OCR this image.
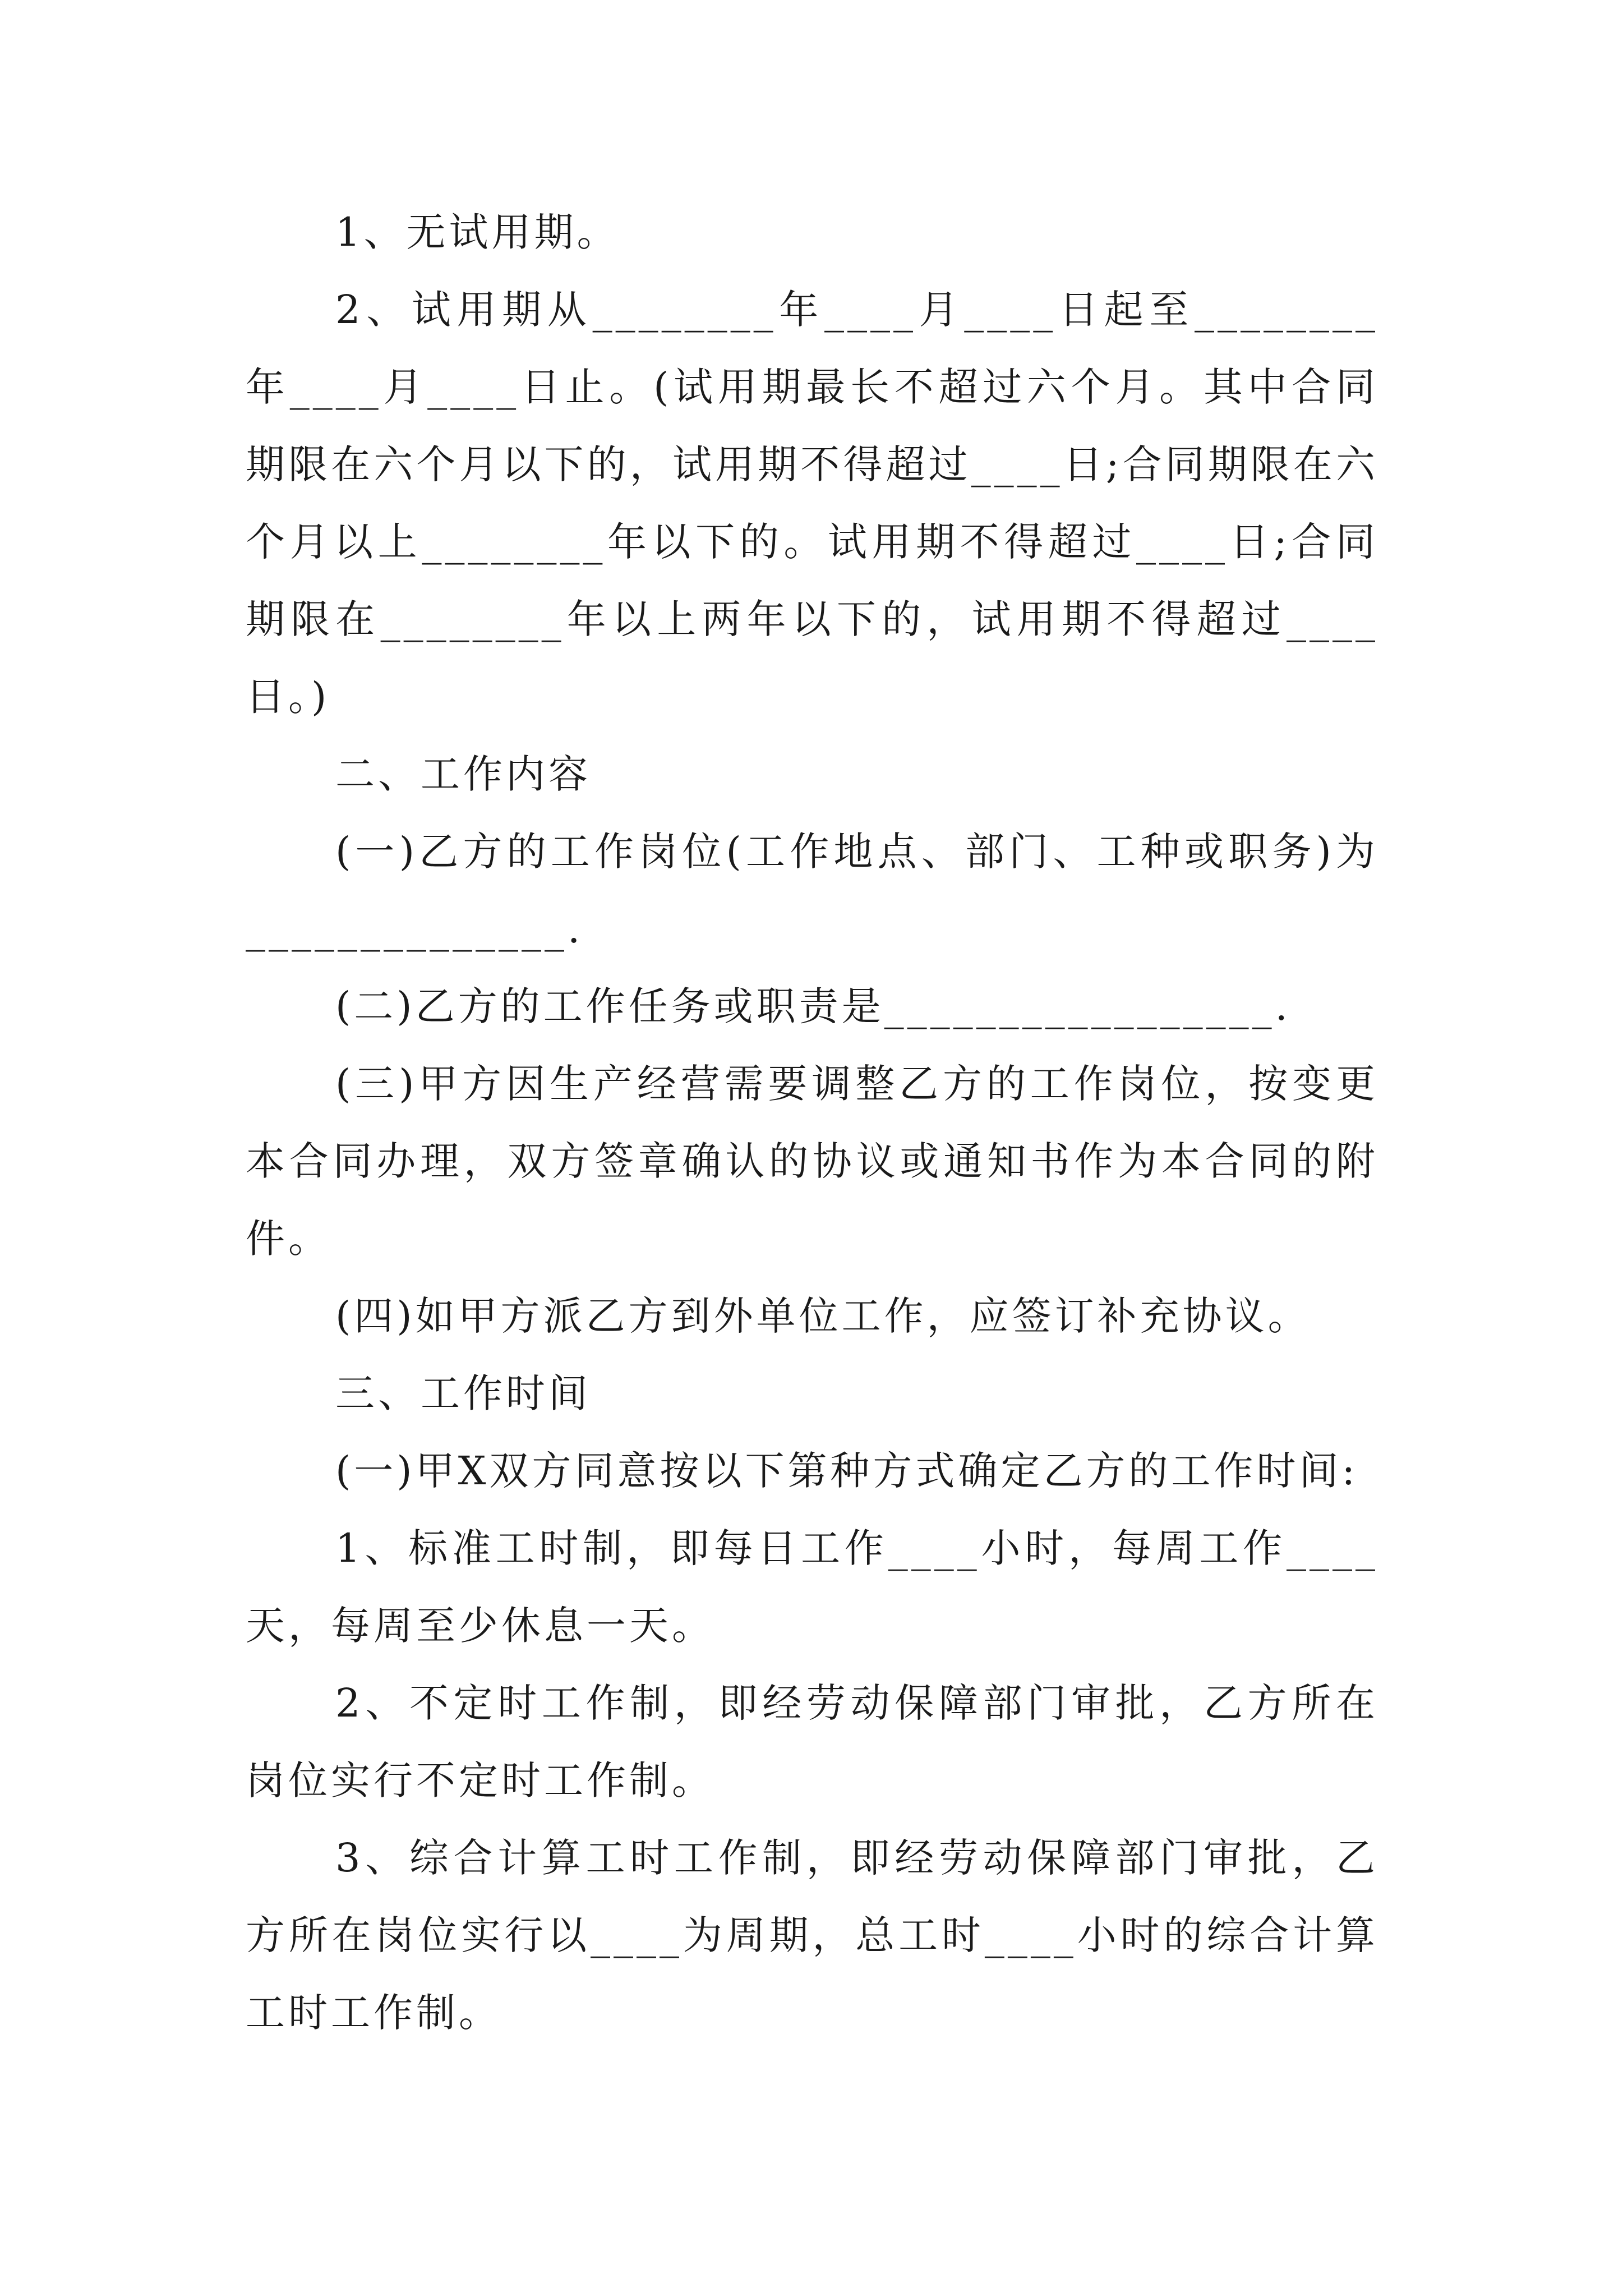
1、无试用期。

2、试用期从________年____月____日起至________年____月____日止。(试用期最长不超过六个月。其中合同期限在六个月以下的，试用期不得超过____日;合同期限在六个月以上________年以下的。试用期不得超过____日;合同期限在________年以上两年以下的，试用期不得超过____日。)

二、工作内容

(一)乙方的工作岗位(工作地点、部门、工种或职务)为______________.

(二)乙方的工作任务或职责是_________________.

(三)甲方因生产经营需要调整乙方的工作岗位，按变更本合同办理，双方签章确认的协议或通知书作为本合同的附件。

(四)如甲方派乙方到外单位工作，应签订补充协议。

三、工作时间

(一)甲X双方同意按以下第种方式确定乙方的工作时间:

1、标准工时制，即每日工作____小时，每周工作____天，每周至少休息一天。

2、不定时工作制，即经劳动保障部门审批，乙方所在岗位实行不定时工作制。

3、综合计算工时工作制，即经劳动保障部门审批，乙方所在岗位实行以____为周期，总工时____小时的综合计算工时工作制。
